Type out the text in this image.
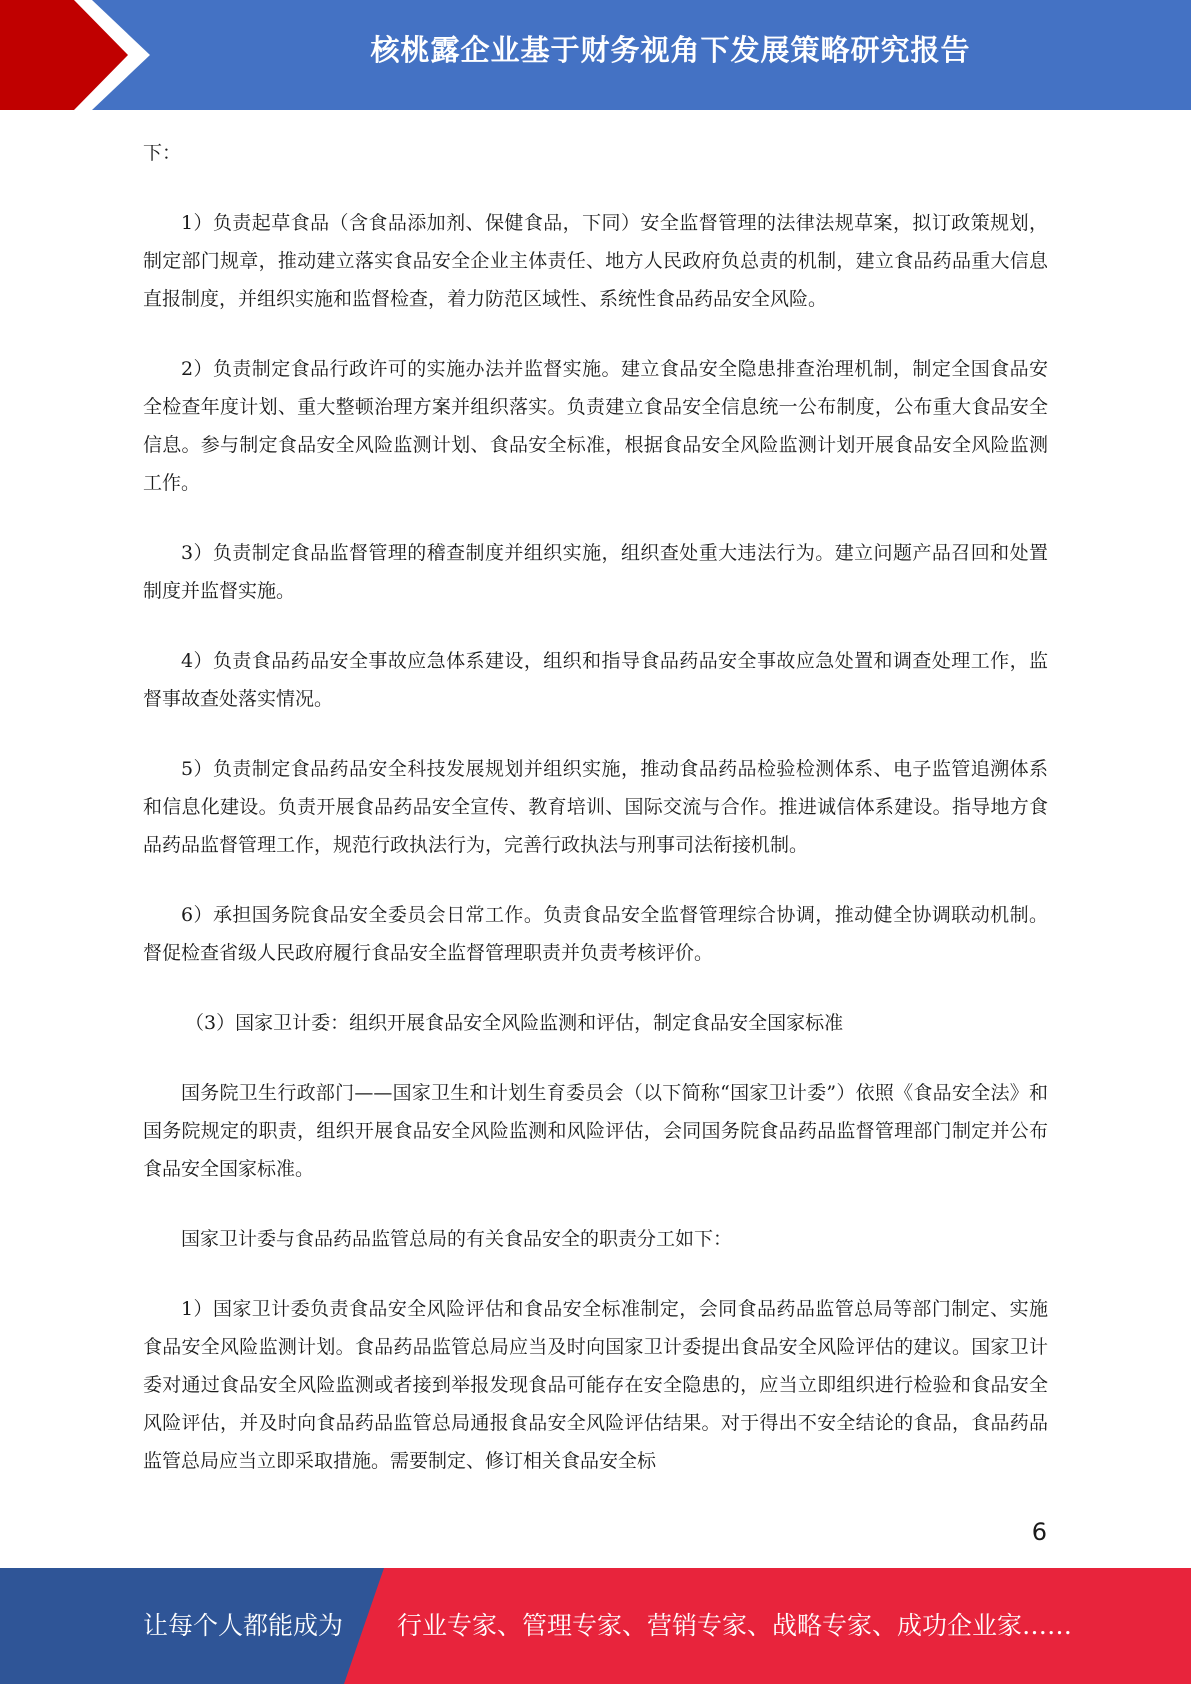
核桃露企业基于财务视角下发展策略研究报告

下：

1）负责起草食品（含食品添加剂、保健食品，下同）安全监督管理的法律法规草案，拟订政策规划，制定部门规章，推动建立落实食品安全企业主体责任、地方人民政府负总责的机制，建立食品药品重大信息直报制度，并组织实施和监督检查，着力防范区域性、系统性食品药品安全风险。

2）负责制定食品行政许可的实施办法并监督实施。建立食品安全隐患排查治理机制，制定全国食品安全检查年度计划、重大整顿治理方案并组织落实。负责建立食品安全信息统一公布制度，公布重大食品安全信息。参与制定食品安全风险监测计划、食品安全标准，根据食品安全风险监测计划开展食品安全风险监测工作。

3）负责制定食品监督管理的稽查制度并组织实施，组织查处重大违法行为。建立问题产品召回和处置制度并监督实施。

4）负责食品药品安全事故应急体系建设，组织和指导食品药品安全事故应急处置和调查处理工作，监督事故查处落实情况。

5）负责制定食品药品安全科技发展规划并组织实施，推动食品药品检验检测体系、电子监管追溯体系和信息化建设。负责开展食品药品安全宣传、教育培训、国际交流与合作。推进诚信体系建设。指导地方食品药品监督管理工作，规范行政执法行为，完善行政执法与刑事司法衔接机制。

6）承担国务院食品安全委员会日常工作。负责食品安全监督管理综合协调，推动健全协调联动机制。督促检查省级人民政府履行食品安全监督管理职责并负责考核评价。

（3）国家卫计委：组织开展食品安全风险监测和评估，制定食品安全国家标准

国务院卫生行政部门——国家卫生和计划生育委员会（以下简称“国家卫计委”）依照《食品安全法》和国务院规定的职责，组织开展食品安全风险监测和风险评估，会同国务院食品药品监督管理部门制定并公布食品安全国家标准。

国家卫计委与食品药品监管总局的有关食品安全的职责分工如下：

1）国家卫计委负责食品安全风险评估和食品安全标准制定，会同食品药品监管总局等部门制定、实施食品安全风险监测计划。食品药品监管总局应当及时向国家卫计委提出食品安全风险评估的建议。国家卫计委对通过食品安全风险监测或者接到举报发现食品可能存在安全隐患的，应当立即组织进行检验和食品安全风险评估，并及时向食品药品监管总局通报食品安全风险评估结果。对于得出不安全结论的食品，食品药品监管总局应当立即采取措施。需要制定、修订相关食品安全标

6
让每个人都能成为 行业专家、管理专家、营销专家、战略专家、成功企业家……
